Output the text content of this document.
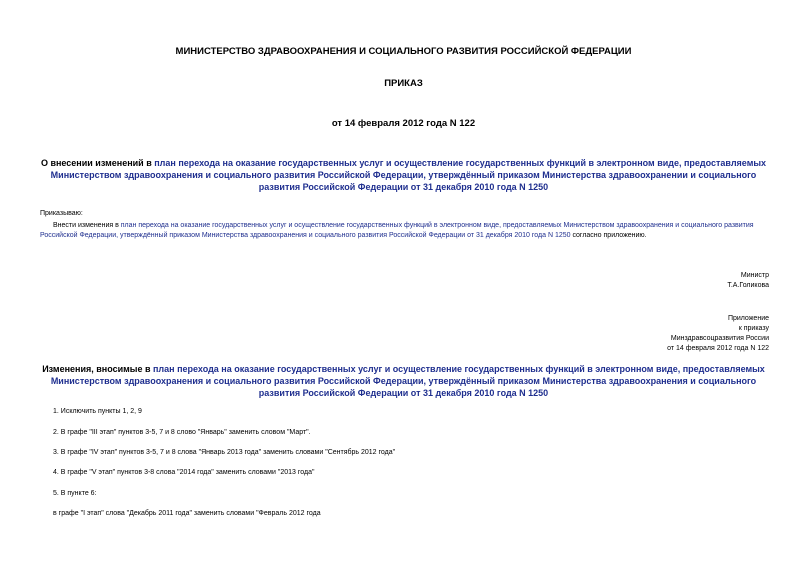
МИНИСТЕРСТВО ЗДРАВООХРАНЕНИЯ И СОЦИАЛЬНОГО РАЗВИТИЯ РОССИЙСКОЙ ФЕДЕРАЦИИ
ПРИКАЗ
от 14 февраля 2012 года N 122
О внесении изменений в план перехода на оказание государственных услуг и осуществление государственных функций в электронном виде, предоставляемых Министерством здравоохранения и социального развития Российской Федерации, утверждённый приказом Министерства здравоохранении и социального развития Российской Федерации от 31 декабря 2010 года N 1250
Приказываю:
Внести изменения в план перехода на оказание государственных услуг и осуществление государственных функций в электронном виде, предоставляемых Министерством здравоохранения и социального развития Российской Федерации, утверждённый приказом Министерства здравоохранения и социального развития Российской Федерации от 31 декабря 2010 года N 1250 согласно приложению.
Министр
Т.А.Голикова
Приложение
к приказу
Минздравсоцразвития России
от 14 февраля 2012 года N 122
Изменения, вносимые в план перехода на оказание государственных услуг и осуществление государственных функций в электронном виде, предоставляемых Министерством здравоохранения и социального развития Российской Федерации, утверждённый приказом Министерства здравоохранения и социального развития Российской Федерации от 31 декабря 2010 года N 1250
1. Исключить пункты 1, 2, 9
2. В графе "III этап" пунктов 3-5, 7 и 8 слово "Январь" заменить словом "Март".
3. В графе "IV этап" пунктов 3-5, 7 и 8 слова "Январь 2013 года" заменить словами "Сентябрь 2012 года"
4. В графе "V этап" пунктов 3-8 слова "2014 года" заменить словами "2013 года"
5. В пункте 6:
в графе "I этап" слова "Декабрь 2011 года" заменить словами "Февраль 2012 года
